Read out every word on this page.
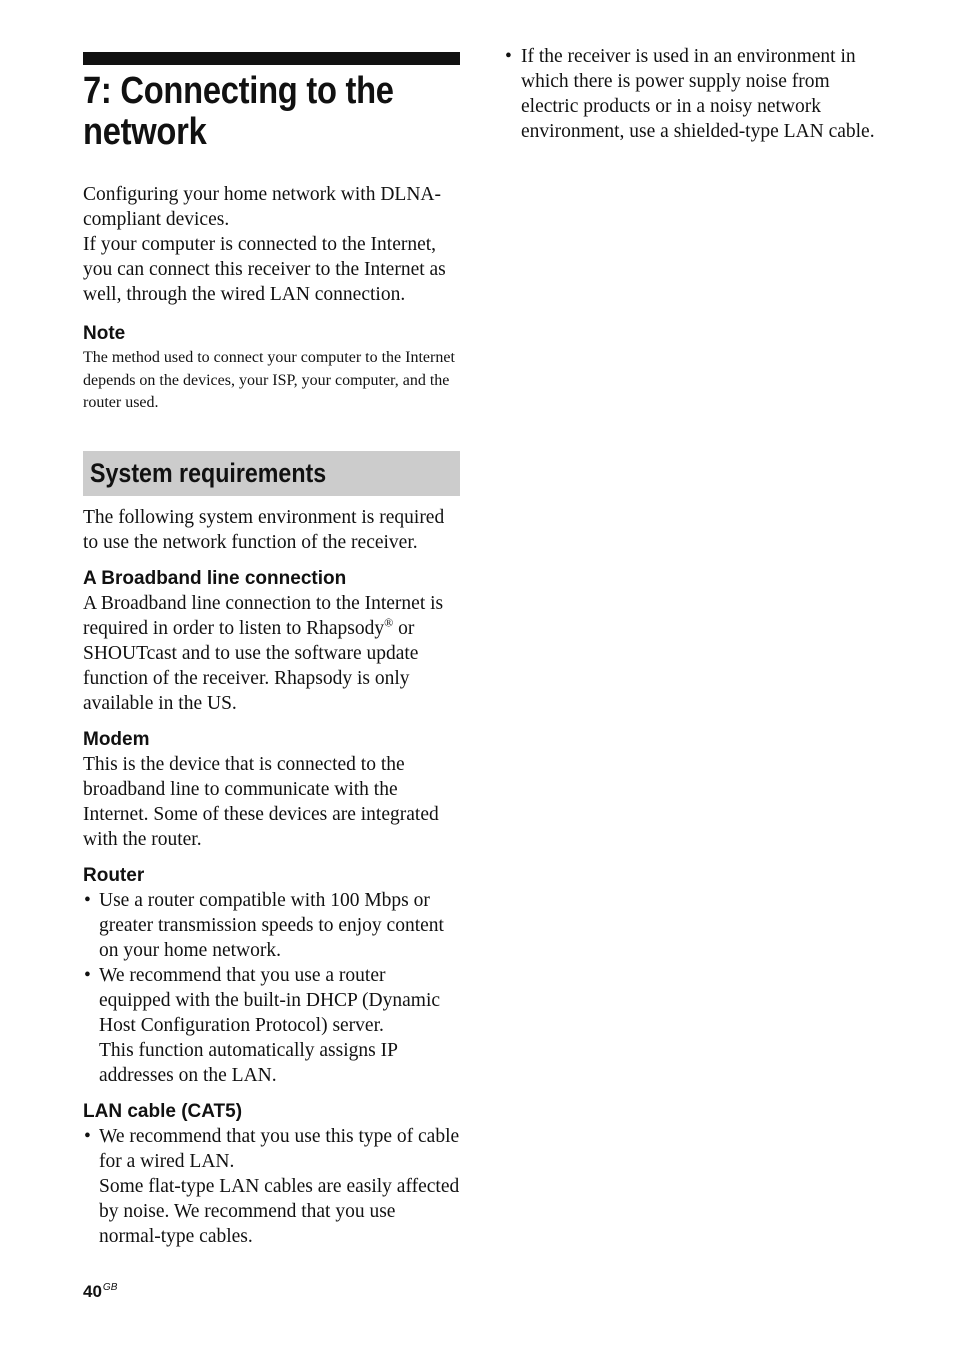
7: Connecting to the
network

Configuring your home network with DLNA-compliant devices.

If your computer is connected to the Internet, you can connect this receiver to the Internet as well, through the wired LAN connection.

Note

The method used to connect your computer to the Internet depends on the devices, your ISP, your computer, and the router used.

System requirements

The following system environment is required to use the network function of the receiver.

A Broadband line connection

A Broadband line connection to the Internet is required in order to listen to Rhapsody® or SHOUTcast and to use the software update function of the receiver. Rhapsody is only available in the US.

Modem

This is the device that is connected to the broadband line to communicate with the Internet. Some of these devices are integrated with the router.

Router

• Use a router compatible with 100 Mbps or greater transmission speeds to enjoy content on your home network.
• We recommend that you use a router equipped with the built-in DHCP (Dynamic Host Configuration Protocol) server.
This function automatically assigns IP addresses on the LAN.

LAN cable (CAT5)

• We recommend that you use this type of cable for a wired LAN.
Some flat-type LAN cables are easily affected by noise. We recommend that you use normal-type cables.
• If the receiver is used in an environment in which there is power supply noise from electric products or in a noisy network environment, use a shielded-type LAN cable.
$40^{GB}$
